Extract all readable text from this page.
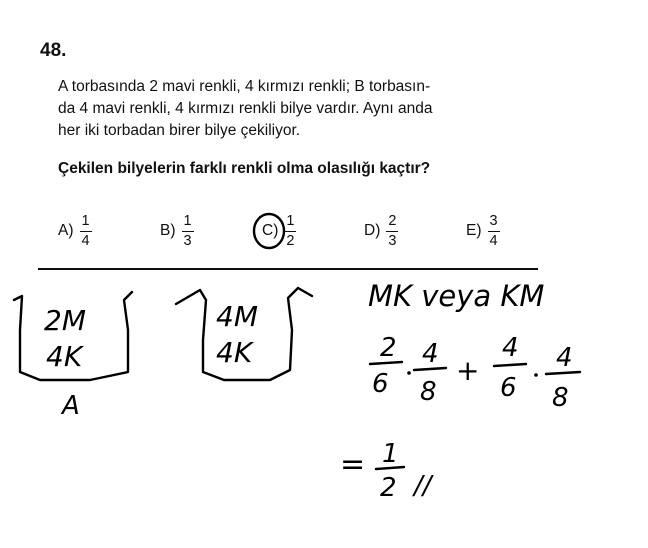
48.
A torbasında 2 mavi renkli, 4 kırmızı renkli; B torbasın-
da 4 mavi renkli, 4 kırmızı renkli bilye vardır. Aynı anda
her iki torbadan birer bilye çekiliyor.
Çekilen bilyelerin farklı renkli olma olasılığı kaçtır?
$A) \frac{1}{4}$	$B) \frac{1}{3}$	$C) \frac{1}{2}$	$D) \frac{2}{3}$	$E) \frac{3}{4}$
2M
4K
A
4M
4K
MK veya KM
2
6
4
8
+
4
6
4
8
= 1
2 //
